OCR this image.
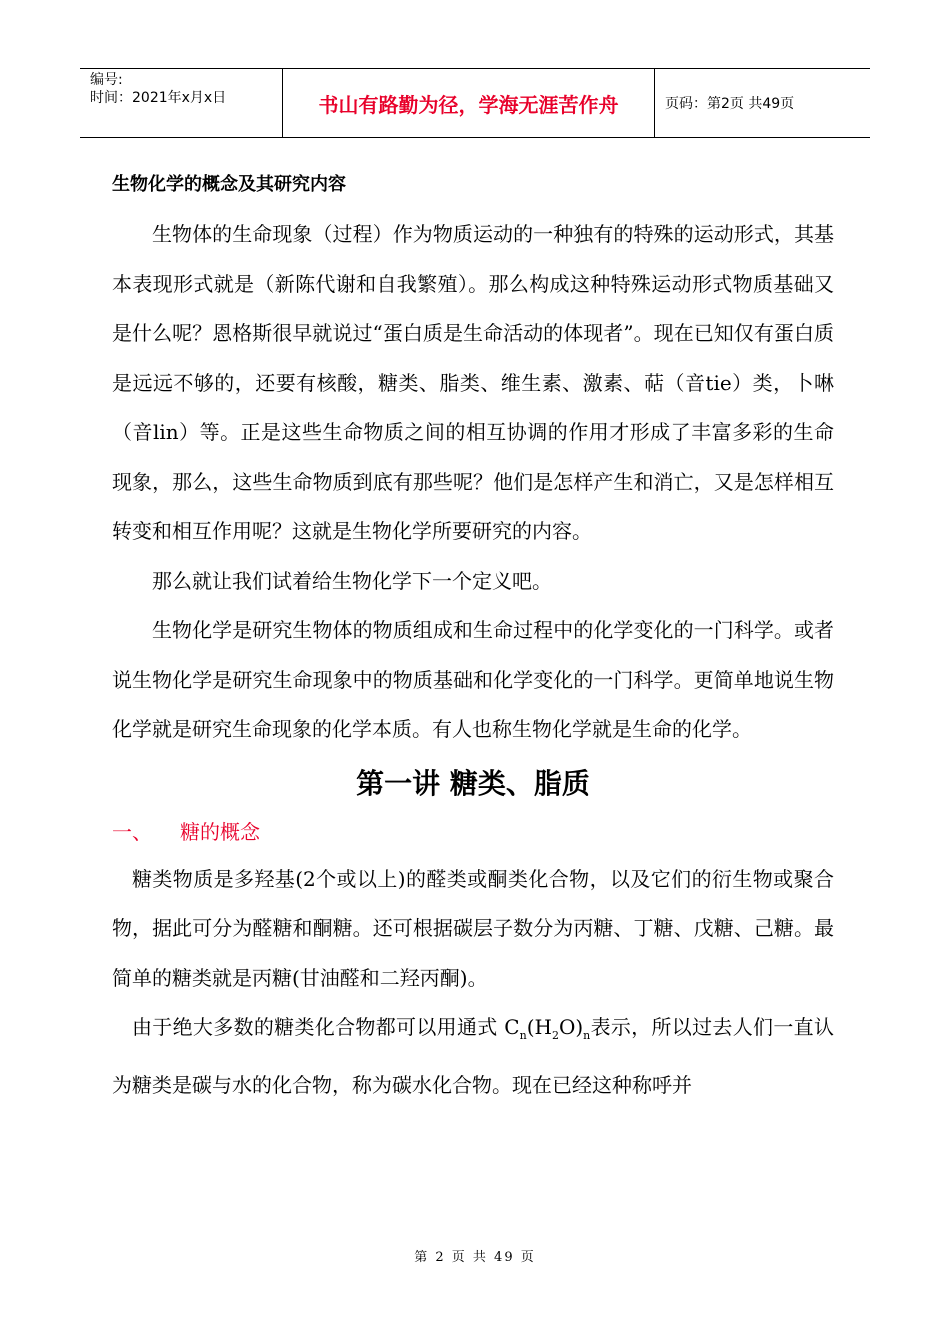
编号:
时间：2021年x月x日	书山有路勤为径，学海无涯苦作舟	页码：第2页 共49页
生物化学的概念及其研究内容

生物体的生命现象（过程）作为物质运动的一种独有的特殊的运动形式，其基本表现形式就是（新陈代谢和自我繁殖）。那么构成这种特殊运动形式物质基础又是什么呢？恩格斯很早就说过“蛋白质是生命活动的体现者”。现在已知仅有蛋白质是远远不够的，还要有核酸，糖类、脂类、维生素、激素、萜（音tie）类，卜啉（音lin）等。正是这些生命物质之间的相互协调的作用才形成了丰富多彩的生命现象，那么，这些生命物质到底有那些呢？他们是怎样产生和消亡，又是怎样相互转变和相互作用呢？这就是生物化学所要研究的内容。

那么就让我们试着给生物化学下一个定义吧。

生物化学是研究生物体的物质组成和生命过程中的化学变化的一门科学。或者说生物化学是研究生命现象中的物质基础和化学变化的一门科学。更简单地说生物化学就是研究生命现象的化学本质。有人也称生物化学就是生命的化学。

第一讲 糖类、脂质
一、 糖的概念

糖类物质是多羟基(2个或以上)的醛类或酮类化合物，以及它们的衍生物或聚合物，据此可分为醛糖和酮糖。还可根据碳层子数分为丙糖、丁糖、戊糖、己糖。最简单的糖类就是丙糖(甘油醛和二羟丙酮)。

由于绝大多数的糖类化合物都可以用通式 $C_n(H_2O)_n$表示，所以过去人们一直认为糖类是碳与水的化合物，称为碳水化合物。现在已经这种称呼并

第 2 页 共 49 页
